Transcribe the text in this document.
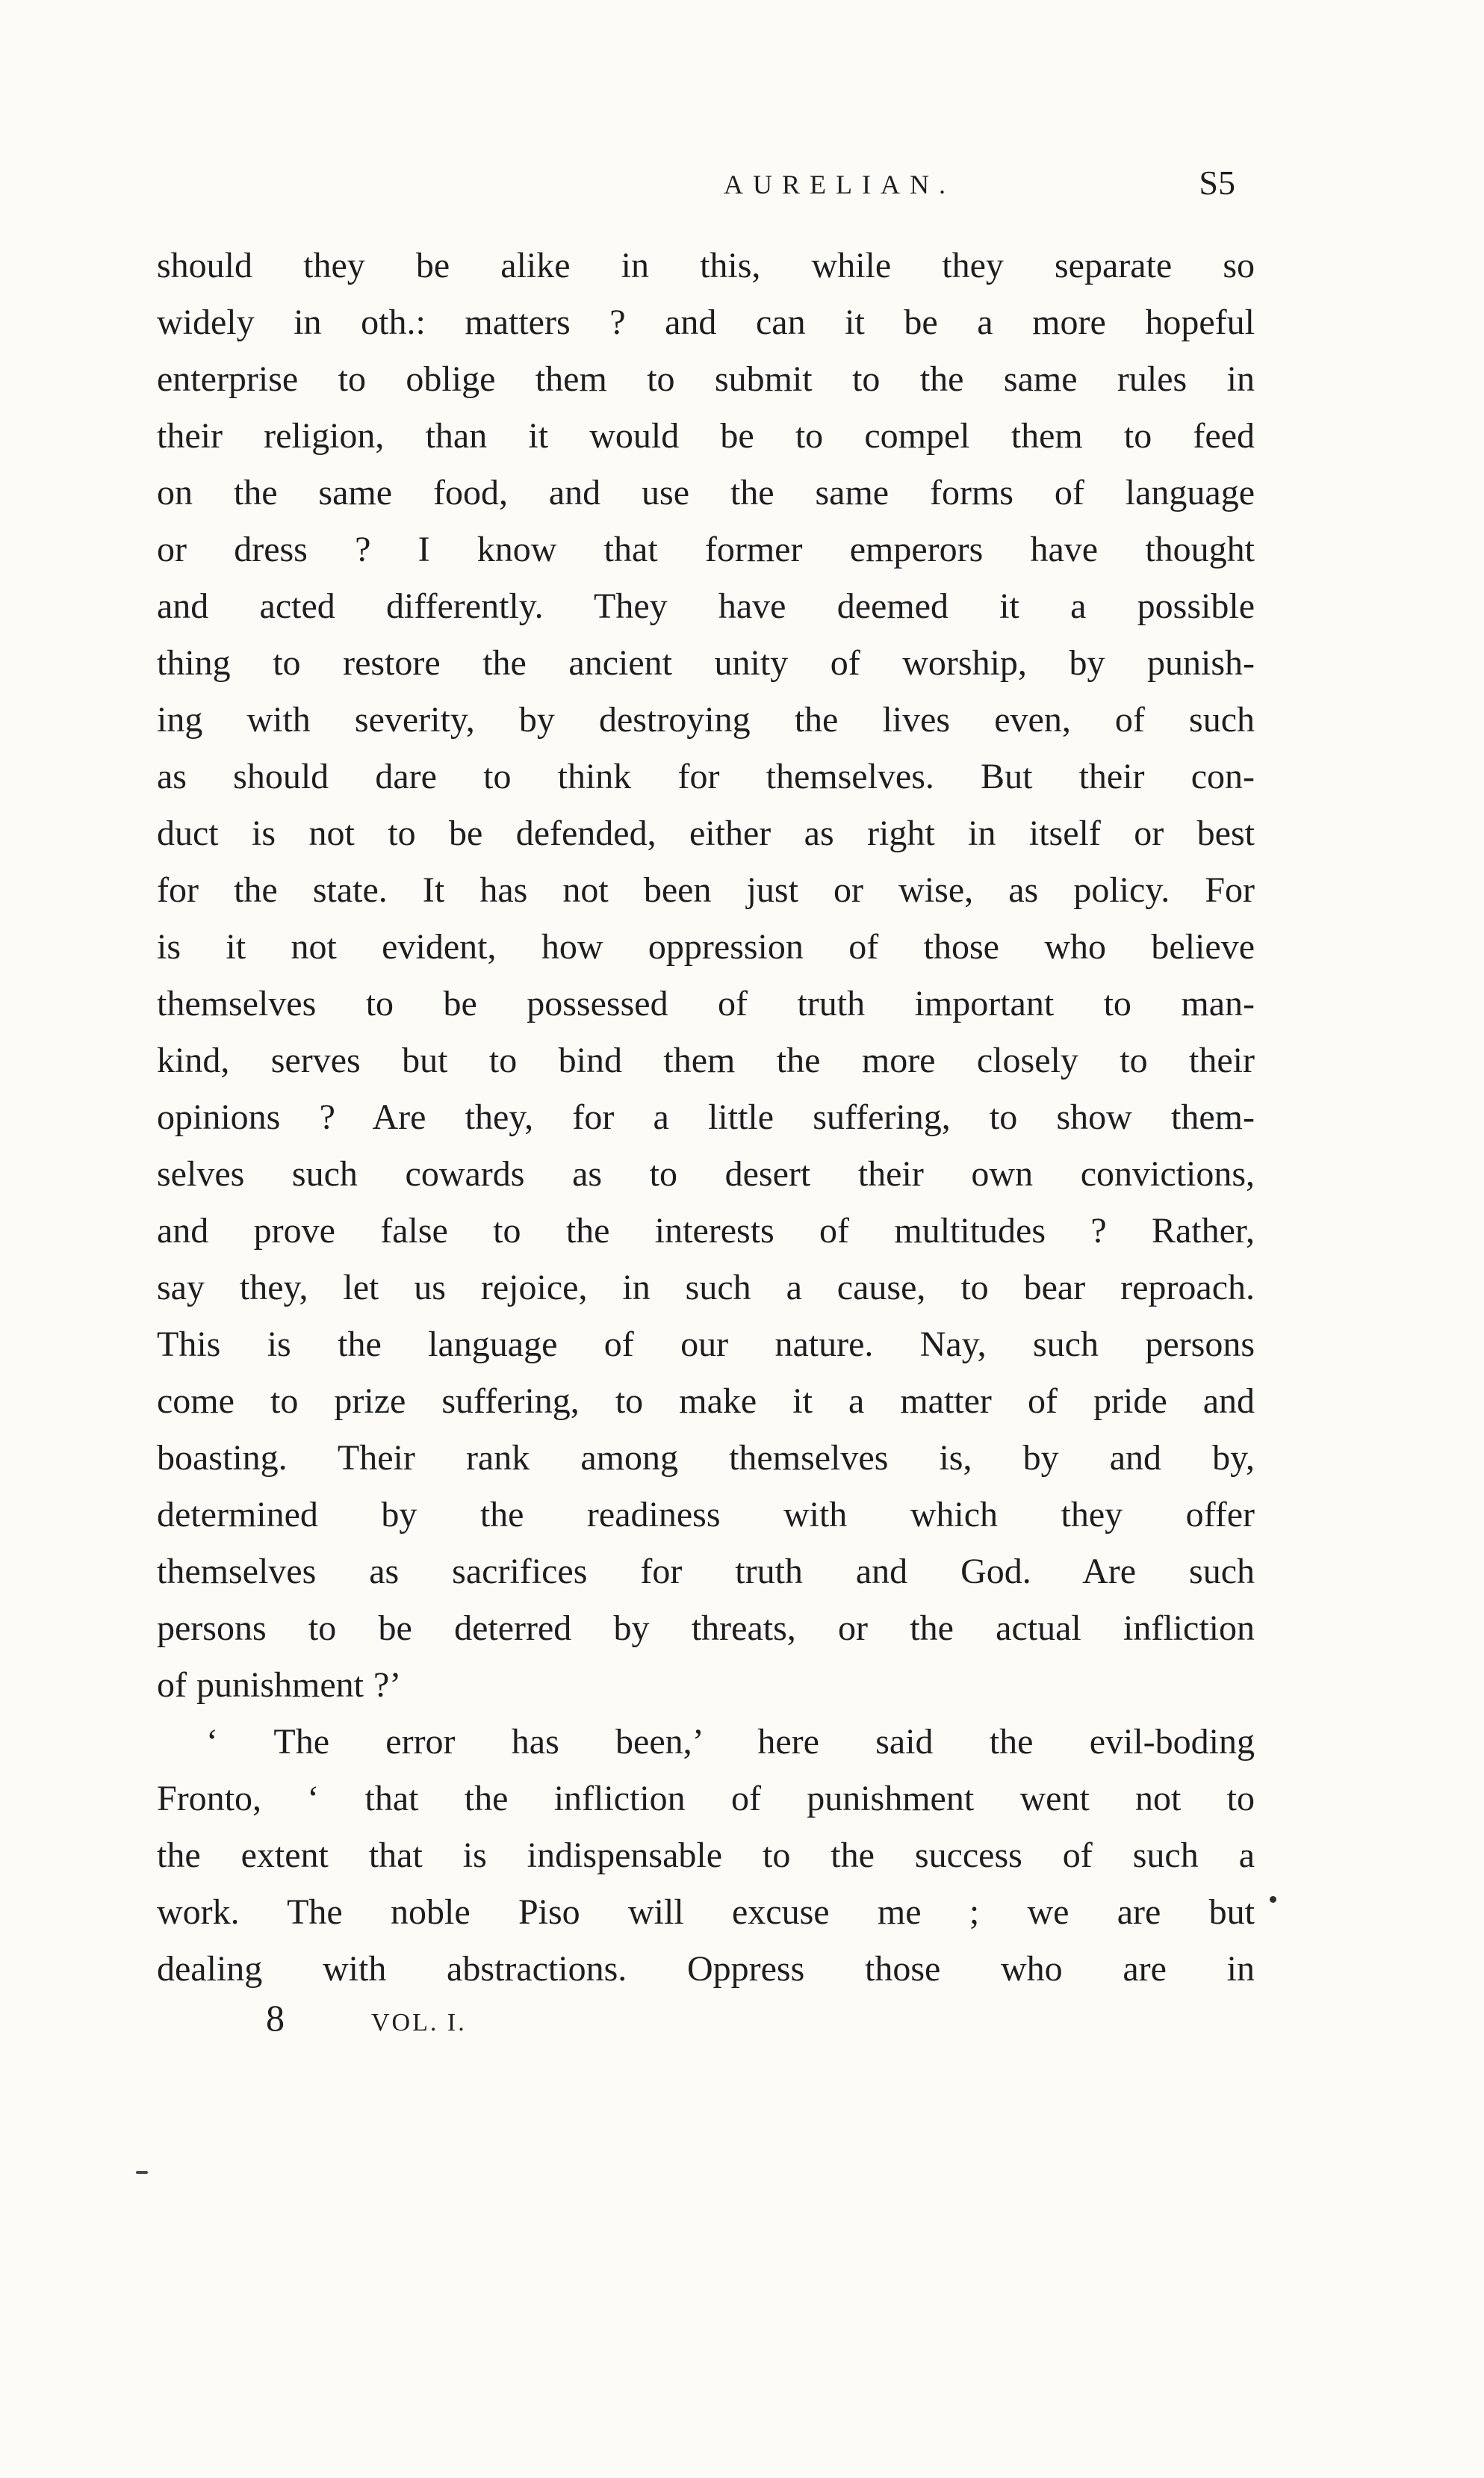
AURELIAN.	S5
should they be alike in this, while they separate so
widely in oth.: matters ? and can it be a more hopeful
enterprise to oblige them to submit to the same rules in
their religion, than it would be to compel them to feed
on the same food, and use the same forms of language
or dress ? I know that former emperors have thought
and acted differently. They have deemed it a possible
thing to restore the ancient unity of worship, by punish-
ing with severity, by destroying the lives even, of such
as should dare to think for themselves. But their con-
duct is not to be defended, either as right in itself or best
for the state. It has not been just or wise, as policy. For
is it not evident, how oppression of those who believe
themselves to be possessed of truth important to man-
kind, serves but to bind them the more closely to their
opinions ? Are they, for a little suffering, to show them-
selves such cowards as to desert their own convictions,
and prove false to the interests of multitudes ? Rather,
say they, let us rejoice, in such a cause, to bear reproach.
This is the language of our nature. Nay, such persons
come to prize suffering, to make it a matter of pride and
boasting. Their rank among themselves is, by and by,
determined by the readiness with which they offer
themselves as sacrifices for truth and God. Are such
persons to be deterred by threats, or the actual infliction
of punishment ?’
‘ The error has been,’ here said the evil-boding
Fronto, ‘ that the infliction of punishment went not to
the extent that is indispensable to the success of such a
work. The noble Piso will excuse me ; we are but
dealing with abstractions. Oppress those who are in
8	VOL. I.
